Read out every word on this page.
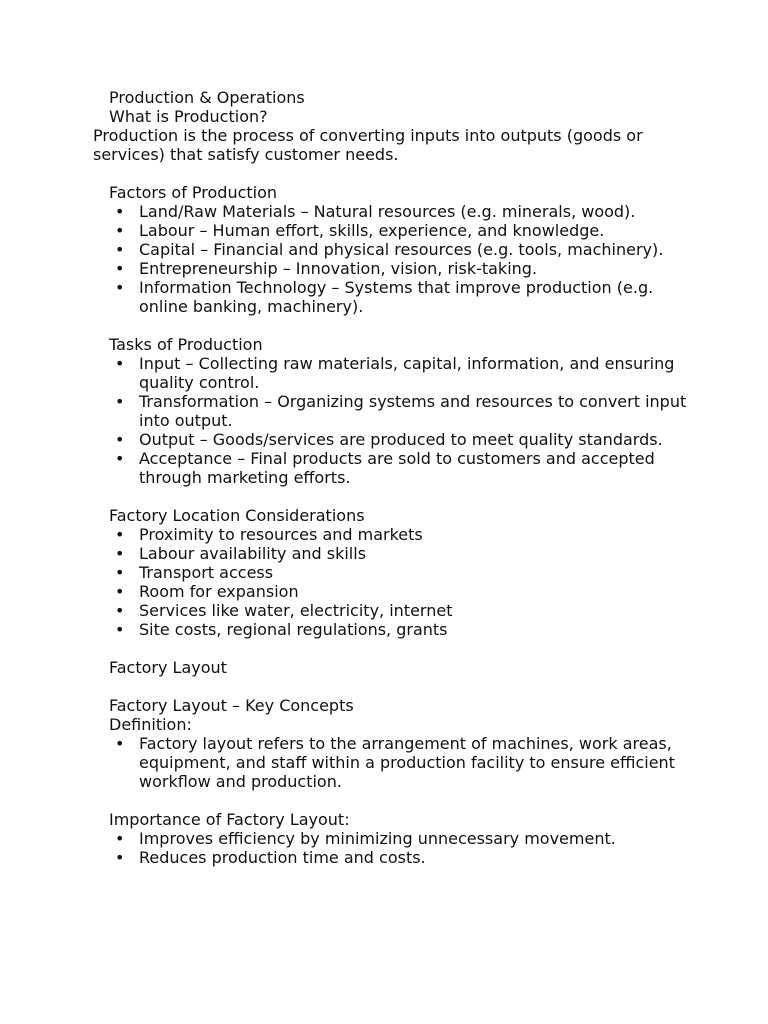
Production & Operations
What is Production?

Production is the process of converting inputs into outputs (goods or services) that satisfy customer needs.

Factors of Production
• Land/Raw Materials – Natural resources (e.g. minerals, wood).
• Labour – Human effort, skills, experience, and knowledge.
• Capital – Financial and physical resources (e.g. tools, machinery).
• Entrepreneurship – Innovation, vision, risk-taking.
• Information Technology – Systems that improve production (e.g. online banking, machinery).
Tasks of Production
• Input – Collecting raw materials, capital, information, and ensuring quality control.
• Transformation – Organizing systems and resources to convert input into output.
• Output – Goods/services are produced to meet quality standards.
• Acceptance – Final products are sold to customers and accepted through marketing efforts.
Factory Location Considerations
• Proximity to resources and markets
• Labour availability and skills
• Transport access
• Room for expansion
• Services like water, electricity, internet
• Site costs, regional regulations, grants
Factory Layout
Factory Layout – Key Concepts
Definition:
• Factory layout refers to the arrangement of machines, work areas, equipment, and staff within a production facility to ensure efficient workflow and production.
Importance of Factory Layout:
• Improves efficiency by minimizing unnecessary movement.
• Reduces production time and costs.
